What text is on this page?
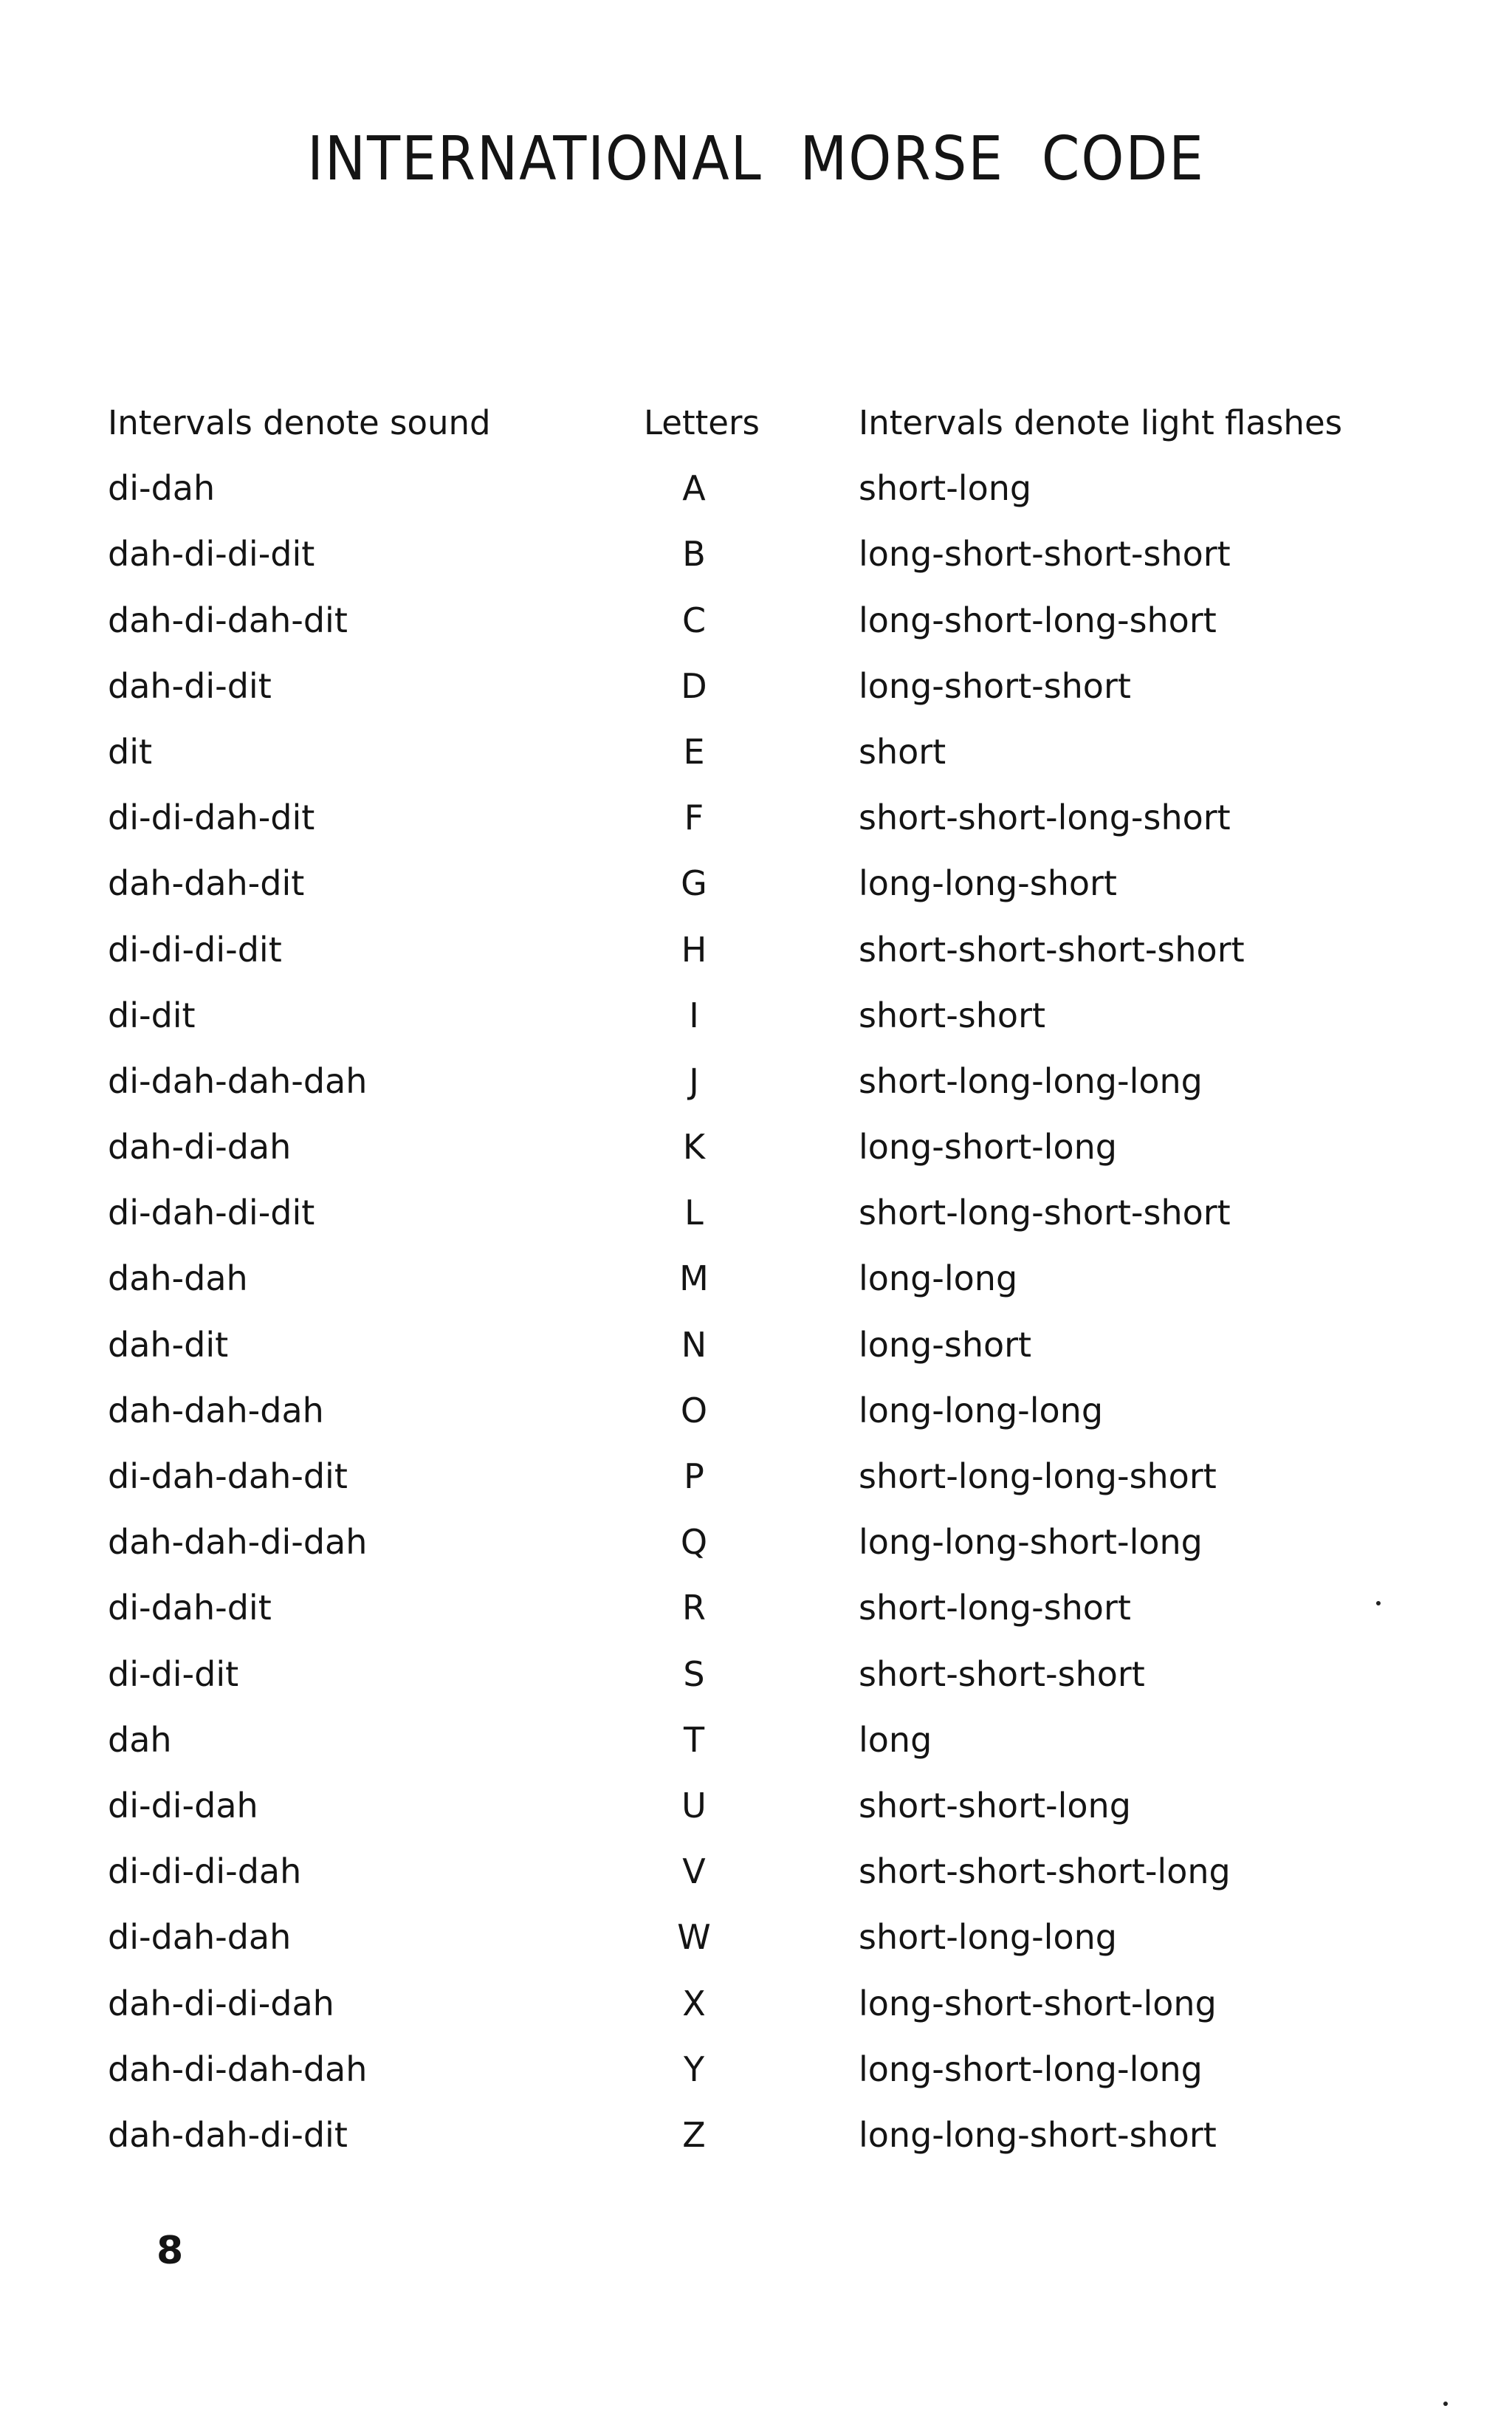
INTERNATIONAL  MORSE  CODE
Intervals denote sound	Letters	Intervals denote light flashes
di-dah	A	short-long
dah-di-di-dit	B	long-short-short-short
dah-di-dah-dit	C	long-short-long-short
dah-di-dit	D	long-short-short
dit	E	short
di-di-dah-dit	F	short-short-long-short
dah-dah-dit	G	long-long-short
di-di-di-dit	H	short-short-short-short
di-dit	I	short-short
di-dah-dah-dah	J	short-long-long-long
dah-di-dah	K	long-short-long
di-dah-di-dit	L	short-long-short-short
dah-dah	M	long-long
dah-dit	N	long-short
dah-dah-dah	O	long-long-long
di-dah-dah-dit	P	short-long-long-short
dah-dah-di-dah	Q	long-long-short-long
di-dah-dit	R	short-long-short
di-di-dit	S	short-short-short
dah	T	long
di-di-dah	U	short-short-long
di-di-di-dah	V	short-short-short-long
di-dah-dah	W	short-long-long
dah-di-di-dah	X	long-short-short-long
dah-di-dah-dah	Y	long-short-long-long
dah-dah-di-dit	Z	long-long-short-short
8
